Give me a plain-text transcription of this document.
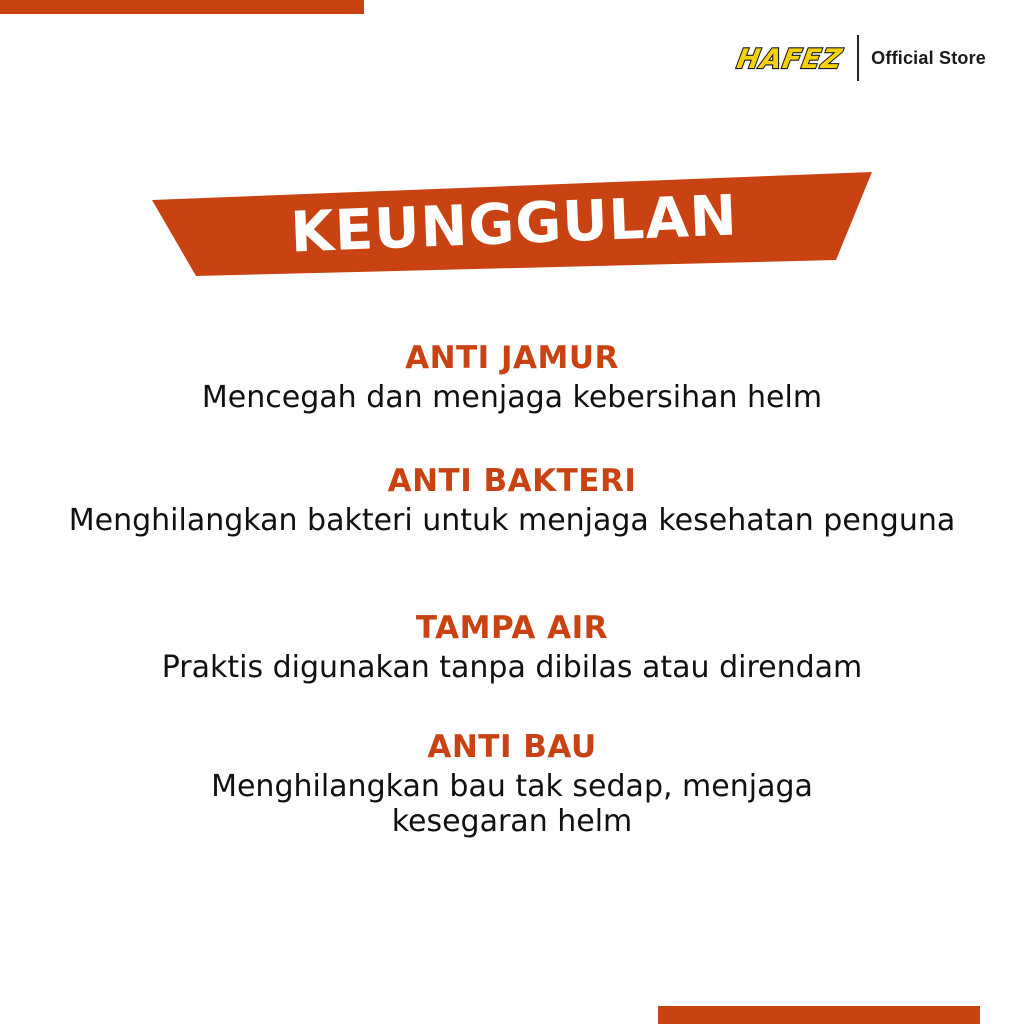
HAFEZ Official Store
KEUNGGULAN
ANTI JAMUR
Mencegah dan menjaga kebersihan helm
ANTI BAKTERI
Menghilangkan bakteri untuk menjaga kesehatan penguna
TAMPA AIR
Praktis digunakan tanpa dibilas atau direndam
ANTI BAU
Menghilangkan bau tak sedap, menjaga kesegaran helm
